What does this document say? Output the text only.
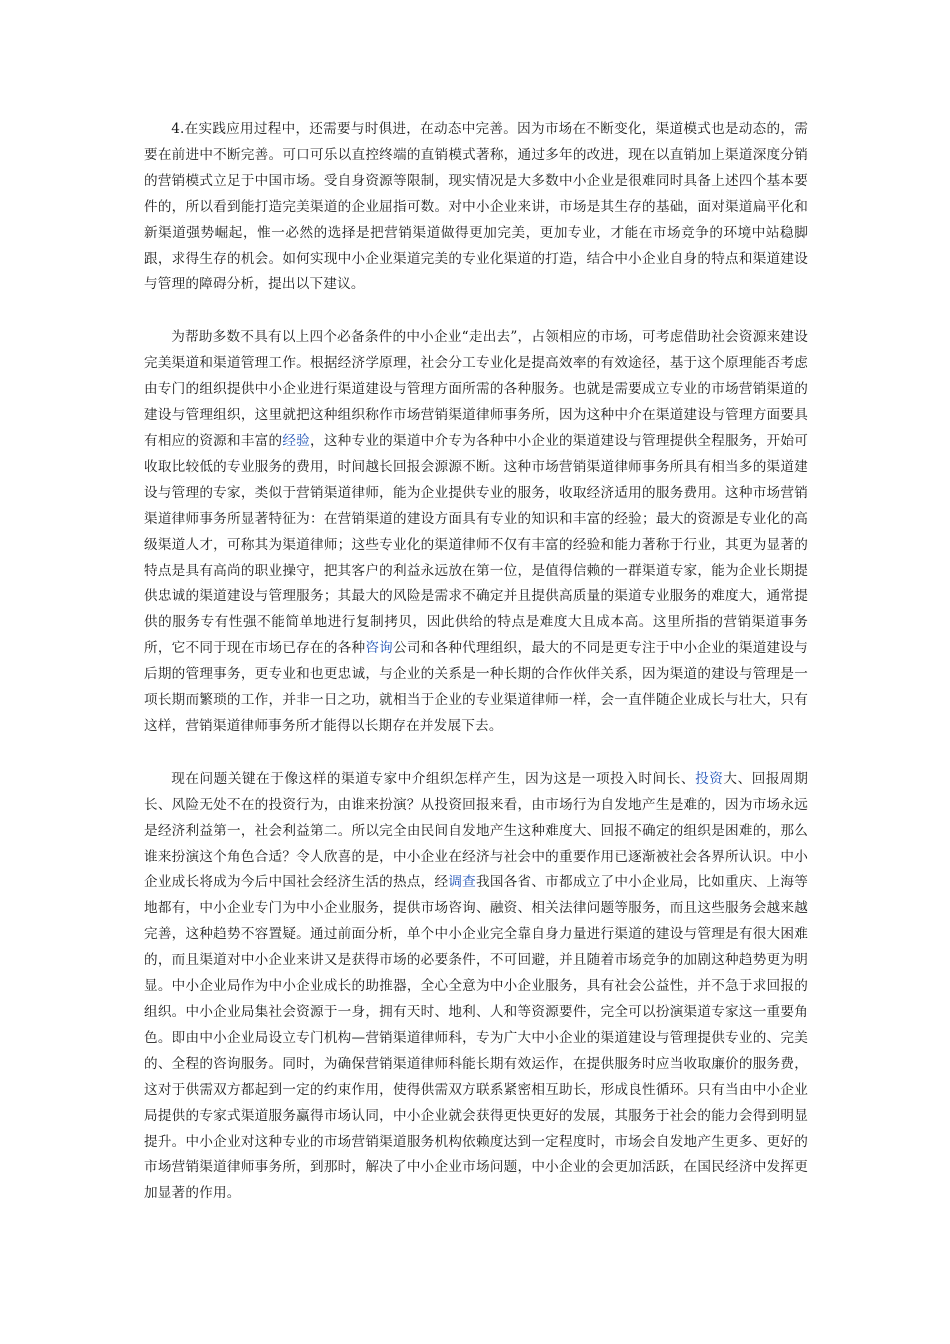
4.在实践应用过程中，还需要与时俱进，在动态中完善。因为市场在不断变化，渠道模式也是动态的，需要在前进中不断完善。可口可乐以直控终端的直销模式著称，通过多年的改进，现在以直销加上渠道深度分销的营销模式立足于中国市场。受自身资源等限制，现实情况是大多数中小企业是很难同时具备上述四个基本要件的，所以看到能打造完美渠道的企业屈指可数。对中小企业来讲，市场是其生存的基础，面对渠道扁平化和新渠道强势崛起，惟一必然的选择是把营销渠道做得更加完美，更加专业，才能在市场竞争的环境中站稳脚跟，求得生存的机会。如何实现中小企业渠道完美的专业化渠道的打造，结合中小企业自身的特点和渠道建设与管理的障碍分析，提出以下建议。

为帮助多数不具有以上四个必备条件的中小企业“走出去”，占领相应的市场，可考虑借助社会资源来建设完美渠道和渠道管理工作。根据经济学原理，社会分工专业化是提高效率的有效途径，基于这个原理能否考虑由专门的组织提供中小企业进行渠道建设与管理方面所需的各种服务。也就是需要成立专业的市场营销渠道的建设与管理组织，这里就把这种组织称作市场营销渠道律师事务所，因为这种中介在渠道建设与管理方面要具有相应的资源和丰富的经验，这种专业的渠道中介专为各种中小企业的渠道建设与管理提供全程服务，开始可收取比较低的专业服务的费用，时间越长回报会源源不断。这种市场营销渠道律师事务所具有相当多的渠道建设与管理的专家，类似于营销渠道律师，能为企业提供专业的服务，收取经济适用的服务费用。这种市场营销渠道律师事务所显著特征为：在营销渠道的建设方面具有专业的知识和丰富的经验；最大的资源是专业化的高级渠道人才，可称其为渠道律师；这些专业化的渠道律师不仅有丰富的经验和能力著称于行业，其更为显著的特点是具有高尚的职业操守，把其客户的利益永远放在第一位，是值得信赖的一群渠道专家，能为企业长期提供忠诚的渠道建设与管理服务；其最大的风险是需求不确定并且提供高质量的渠道专业服务的难度大，通常提供的服务专有性强不能简单地进行复制拷贝，因此供给的特点是难度大且成本高。这里所指的营销渠道事务所，它不同于现在市场已存在的各种咨询公司和各种代理组织，最大的不同是更专注于中小企业的渠道建设与后期的管理事务，更专业和也更忠诚，与企业的关系是一种长期的合作伙伴关系，因为渠道的建设与管理是一项长期而繁琐的工作，并非一日之功，就相当于企业的专业渠道律师一样，会一直伴随企业成长与壮大，只有这样，营销渠道律师事务所才能得以长期存在并发展下去。

现在问题关键在于像这样的渠道专家中介组织怎样产生，因为这是一项投入时间长、投资大、回报周期长、风险无处不在的投资行为，由谁来扮演？从投资回报来看，由市场行为自发地产生是难的，因为市场永远是经济利益第一，社会利益第二。所以完全由民间自发地产生这种难度大、回报不确定的组织是困难的，那么谁来扮演这个角色合适？令人欣喜的是，中小企业在经济与社会中的重要作用已逐渐被社会各界所认识。中小企业成长将成为今后中国社会经济生活的热点，经调查我国各省、市都成立了中小企业局，比如重庆、上海等地都有，中小企业专门为中小企业服务，提供市场咨询、融资、相关法律问题等服务，而且这些服务会越来越完善，这种趋势不容置疑。通过前面分析，单个中小企业完全靠自身力量进行渠道的建设与管理是有很大困难的，而且渠道对中小企业来讲又是获得市场的必要条件，不可回避，并且随着市场竞争的加剧这种趋势更为明显。中小企业局作为中小企业成长的助推器，全心全意为中小企业服务，具有社会公益性，并不急于求回报的组织。中小企业局集社会资源于一身，拥有天时、地利、人和等资源要件，完全可以扮演渠道专家这一重要角色。即由中小企业局设立专门机构—营销渠道律师科，专为广大中小企业的渠道建设与管理提供专业的、完美的、全程的咨询服务。同时，为确保营销渠道律师科能长期有效运作，在提供服务时应当收取廉价的服务费，这对于供需双方都起到一定的约束作用，使得供需双方联系紧密相互助长，形成良性循环。只有当由中小企业局提供的专家式渠道服务赢得市场认同，中小企业就会获得更快更好的发展，其服务于社会的能力会得到明显提升。中小企业对这种专业的市场营销渠道服务机构依赖度达到一定程度时，市场会自发地产生更多、更好的市场营销渠道律师事务所，到那时，解决了中小企业市场问题，中小企业的会更加活跃，在国民经济中发挥更加显著的作用。
